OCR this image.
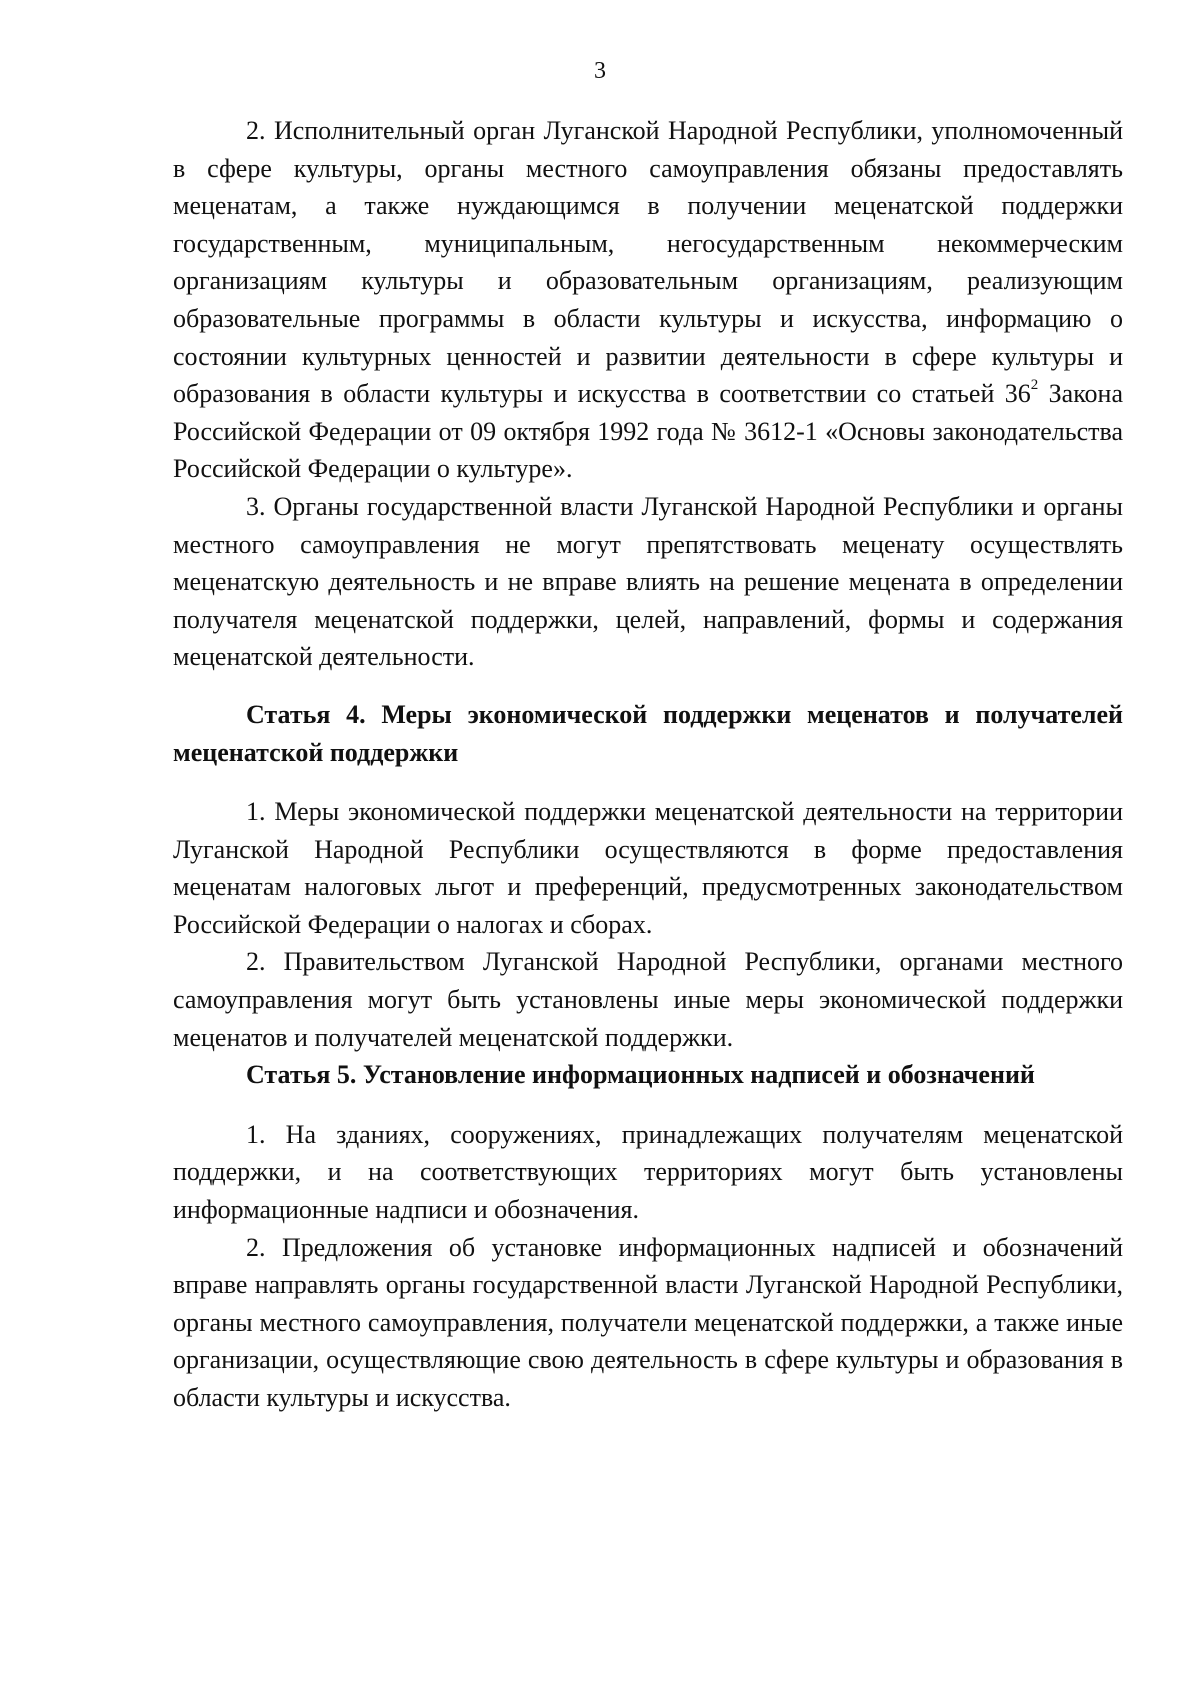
3

2. Исполнительный орган Луганской Народной Республики, уполномоченный в сфере культуры, органы местного самоуправления обязаны предоставлять меценатам, а также нуждающимся в получении меценатской поддержки государственным, муниципальным, негосударственным некоммерческим организациям культуры и образовательным организациям, реализующим образовательные программы в области культуры и искусства, информацию о состоянии культурных ценностей и развитии деятельности в сфере культуры и образования в области культуры и искусства в соответствии со статьей $36^2$ Закона Российской Федерации от 09 октября 1992 года № 3612-1 «Основы законодательства Российской Федерации о культуре».

3. Органы государственной власти Луганской Народной Республики и органы местного самоуправления не могут препятствовать меценату осуществлять меценатскую деятельность и не вправе влиять на решение мецената в определении получателя меценатской поддержки, целей, направлений, формы и содержания меценатской деятельности.

Статья 4. Меры экономической поддержки меценатов и получателей меценатской поддержки

1. Меры экономической поддержки меценатской деятельности на территории Луганской Народной Республики осуществляются в форме предоставления меценатам налоговых льгот и преференций, предусмотренных законодательством Российской Федерации о налогах и сборах.

2. Правительством Луганской Народной Республики, органами местного самоуправления могут быть установлены иные меры экономической поддержки меценатов и получателей меценатской поддержки.

Статья 5. Установление информационных надписей и обозначений

1. На зданиях, сооружениях, принадлежащих получателям меценатской поддержки, и на соответствующих территориях могут быть установлены информационные надписи и обозначения.

2. Предложения об установке информационных надписей и обозначений вправе направлять органы государственной власти Луганской Народной Республики, органы местного самоуправления, получатели меценатской поддержки, а также иные организации, осуществляющие свою деятельность в сфере культуры и образования в области культуры и искусства.
